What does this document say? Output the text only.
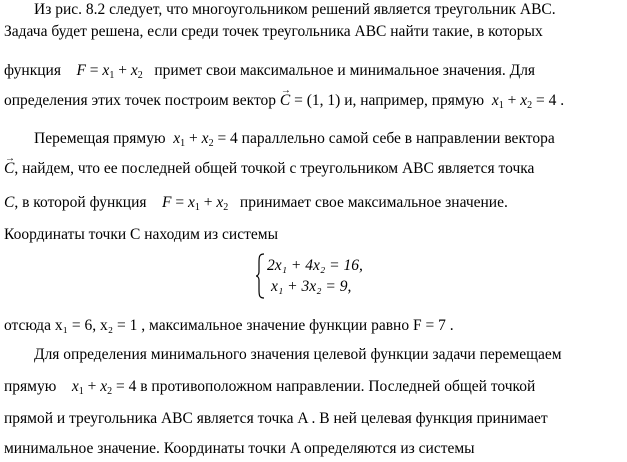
Из рис. 8.2 следует, что многоугольником решений является треугольник ABC.
Задача будет решена, если среди точек треугольника ABC найти такие, в которых
функция $F = x_1 + x_2$ примет свои максимальное и минимальное значения. Для
определения этих точек построим вектор → C = (1, 1) и, например, прямую $x_1 + x_2 = 4$ .
Перемещая прямую $x_1 + x_2 = 4$ параллельно самой себе в направлении вектора
→ C, найдем, что ее последней общей точкой с треугольником ABC является точка
C, в которой функция $F = x_1 + x_2$ принимает свое максимальное значение.
Координаты точки C находим из системы
2x₁ + 4x₂ = 16,
x₁ + 3x₂ = 9,
отсюда x₁ = 6, x₂ = 1 , максимальное значение функции равно F = 7 .
Для определения минимального значения целевой функции задачи перемещаем
прямую $x_1 + x_2 = 4$ в противоположном направлении. Последней общей точкой
прямой и треугольника ABC является точка A . В ней целевая функция принимает
минимальное значение. Координаты точки A определяются из системы
